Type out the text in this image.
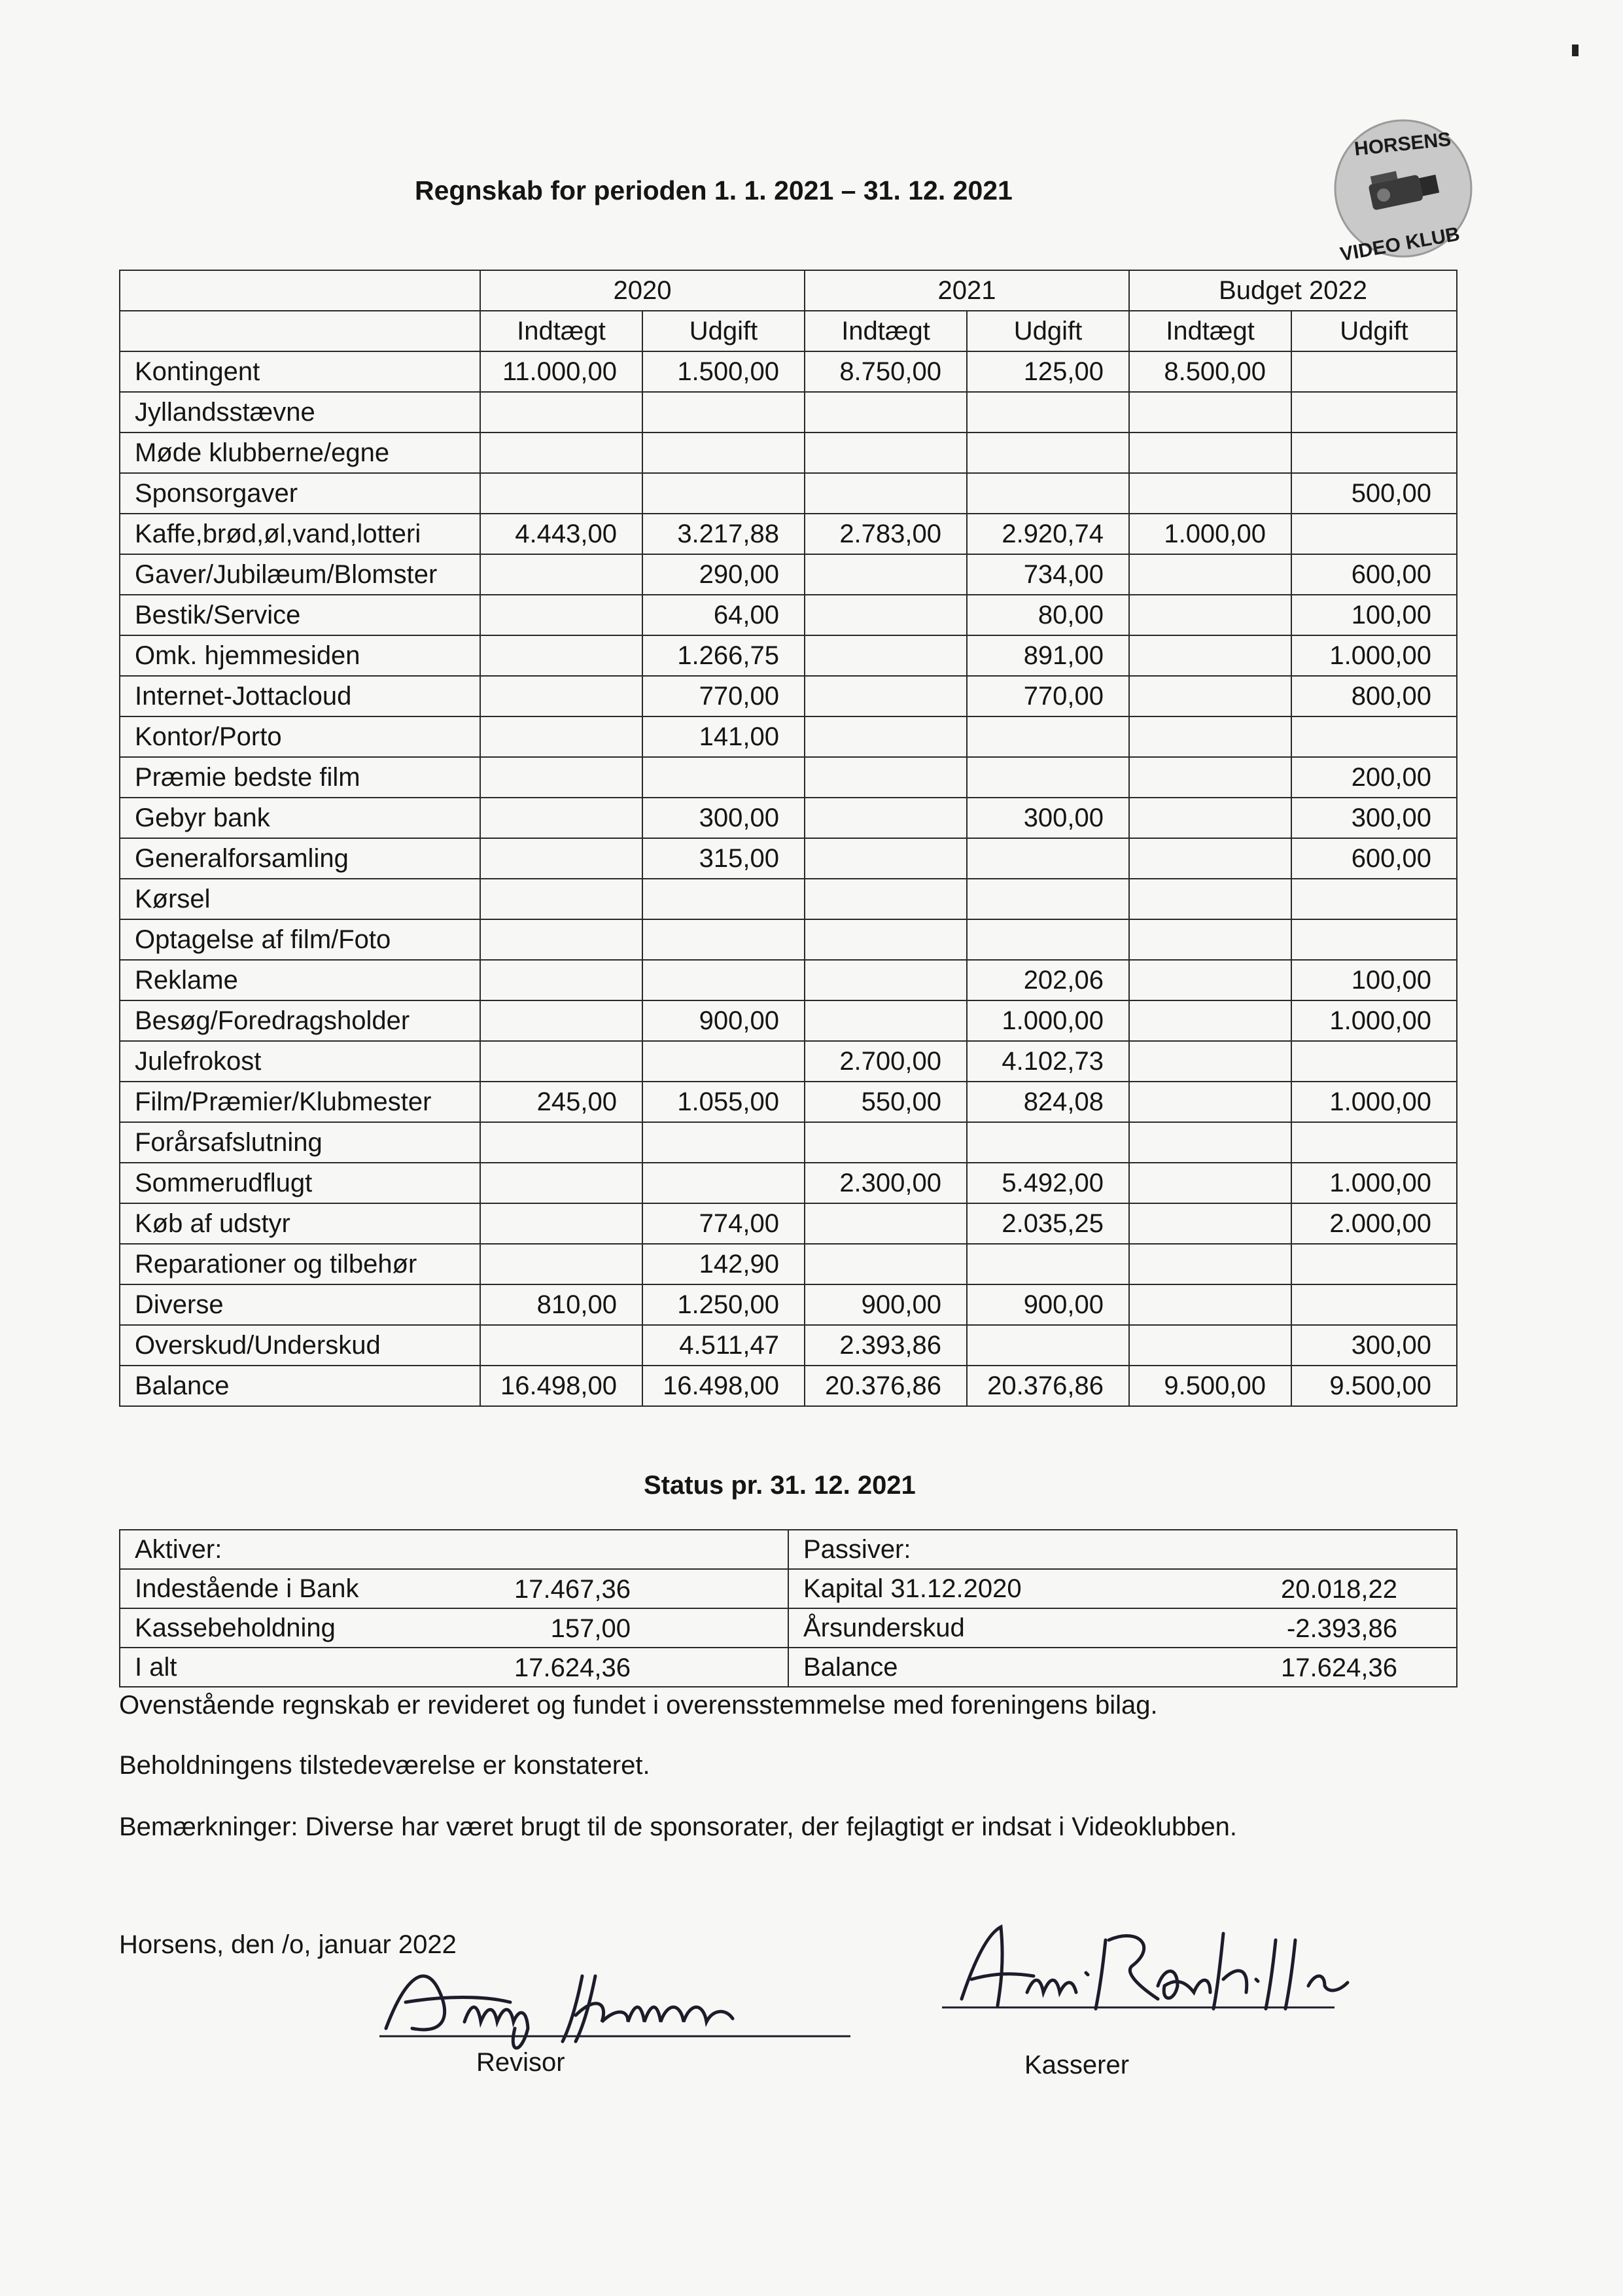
Regnskab for perioden 1. 1. 2021 – 31. 12. 2021
HORSENS
VIDEO KLUB
	2020		2021		Budget 2022	
	Indtægt	Udgift	Indtægt	Udgift	Indtægt	Udgift
Kontingent	11.000,00	1.500,00	8.750,00	125,00	8.500,00	
Jyllandsstævne						
Møde klubberne/egne						
Sponsorgaver						500,00
Kaffe,brød,øl,vand,lotteri	4.443,00	3.217,88	2.783,00	2.920,74	1.000,00	
Gaver/Jubilæum/Blomster		290,00		734,00		600,00
Bestik/Service		64,00		80,00		100,00
Omk. hjemmesiden		1.266,75		891,00		1.000,00
Internet-Jottacloud		770,00		770,00		800,00
Kontor/Porto		141,00				
Præmie bedste film						200,00
Gebyr bank		300,00		300,00		300,00
Generalforsamling		315,00				600,00
Kørsel						
Optagelse af film/Foto						
Reklame				202,06		100,00
Besøg/Foredragsholder		900,00		1.000,00		1.000,00
Julefrokost			2.700,00	4.102,73		
Film/Præmier/Klubmester	245,00	1.055,00	550,00	824,08		1.000,00
Forårsafslutning						
Sommerudflugt			2.300,00	5.492,00		1.000,00
Køb af udstyr		774,00		2.035,25		2.000,00
Reparationer og tilbehør		142,90				
Diverse	810,00	1.250,00	900,00	900,00		
Overskud/Underskud		4.511,47	2.393,86			300,00
Balance	16.498,00	16.498,00	20.376,86	20.376,86	9.500,00	9.500,00
Status pr. 31. 12. 2021
Aktiver:	Passiver:
Indestående i Bank 17.467,36	Kapital 31.12.2020 20.018,22

Kassebeholdning 157,00	Årsunderskud -2.393,86

I alt 17.624,36	Balance 17.624,36
Ovenstående regnskab er revideret og fundet i overensstemmelse med foreningens bilag.
Beholdningens tilstedeværelse er konstateret.
Bemærkninger: Diverse har været brugt til de sponsorater, der fejlagtigt er indsat i Videoklubben.
Horsens, den /o, januar 2022
Revisor	Kasserer
